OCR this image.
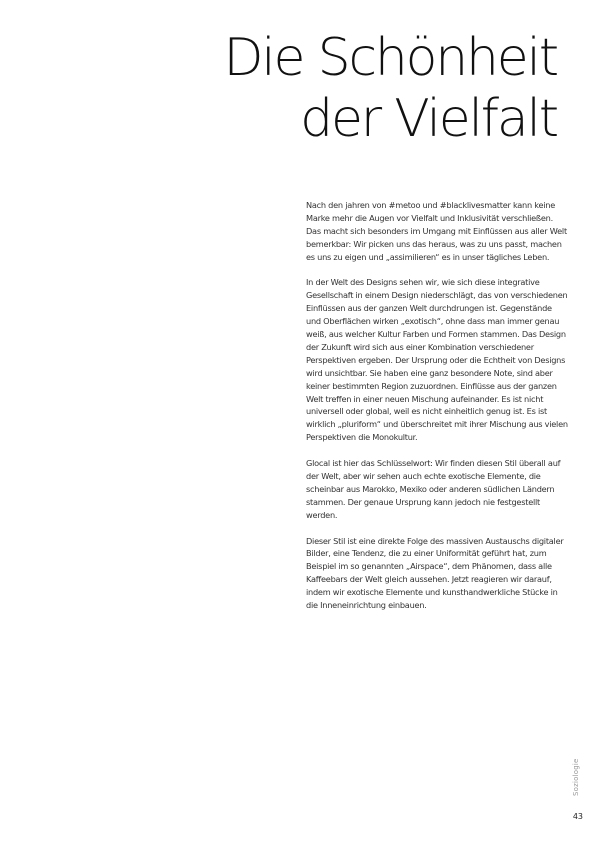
Die Schönheit
der Vielfalt

Nach den jahren von #metoo und #blacklivesmatter kann keine Marke mehr die Augen vor Vielfalt und Inklusivität verschließen. Das macht sich besonders im Umgang mit Einflüssen aus aller Welt bemerkbar: Wir picken uns das heraus, was zu uns passt, machen es uns zu eigen und „assimilieren“ es in unser tägliches Leben.

In der Welt des Designs sehen wir, wie sich diese integrative Gesellschaft in einem Design niederschlägt, das von verschiedenen Einflüssen aus der ganzen Welt durchdrungen ist. Gegenstände und Oberflächen wirken „exotisch“, ohne dass man immer genau weiß, aus welcher Kultur Farben und Formen stammen. Das Design der Zukunft wird sich aus einer Kombination verschiedener Perspektiven ergeben. Der Ursprung oder die Echtheit von Designs wird unsichtbar. Sie haben eine ganz besondere Note, sind aber keiner bestimmten Region zuzuordnen. Einflüsse aus der ganzen Welt treffen in einer neuen Mischung aufeinander. Es ist nicht universell oder global, weil es nicht einheitlich genug ist. Es ist wirklich „pluriform“ und überschreitet mit ihrer Mischung aus vielen Perspektiven die Monokultur.

Glocal ist hier das Schlüsselwort: Wir finden diesen Stil überall auf der Welt, aber wir sehen auch echte exotische Elemente, die scheinbar aus Marokko, Mexiko oder anderen südlichen Ländern stammen. Der genaue Ursprung kann jedoch nie festgestellt werden.

Dieser Stil ist eine direkte Folge des massiven Austauschs digitaler Bilder, eine Tendenz, die zu einer Uniformität geführt hat, zum Beispiel im so genannten „Airspace“, dem Phänomen, dass alle Kaffeebars der Welt gleich aussehen. Jetzt reagieren wir darauf, indem wir exotische Elemente und kunsthandwerkliche Stücke in die Inneneinrichtung einbauen.

Soziologie
43
